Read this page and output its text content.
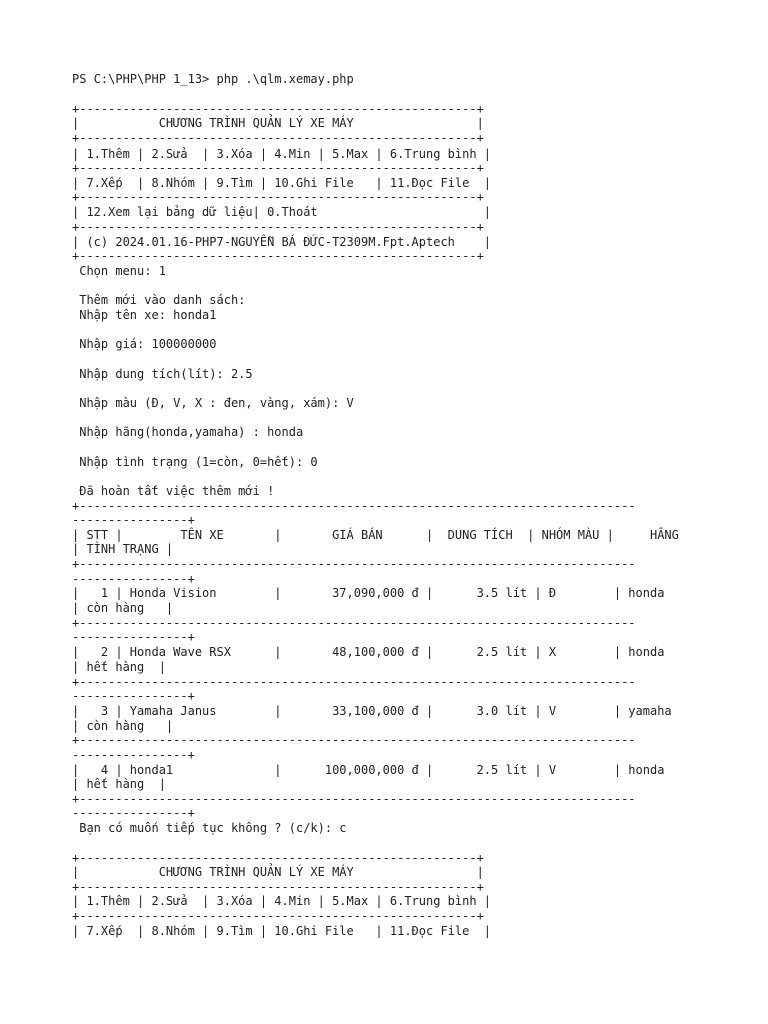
PS C:\PHP\PHP 1_13> php .\qlm.xemay.php
+-------------------------------------------------------+
|           CHƯƠNG TRÌNH QUẢN LÝ XE MÁY                 |
+-------------------------------------------------------+
| 1.Thêm | 2.Sửa  | 3.Xóa | 4.Min | 5.Max | 6.Trung bình |
+-------------------------------------------------------+
| 7.Xếp  | 8.Nhóm | 9.Tìm | 10.Ghi File   | 11.Đọc File  |
+-------------------------------------------------------+
| 12.Xem lại bảng dữ liệu| 0.Thoát                       |
+-------------------------------------------------------+
| (c) 2024.01.16-PHP7-NGUYỄN BÁ ĐỨC-T2309M.Fpt.Aptech    |
+-------------------------------------------------------+
Chọn menu: 1
Thêm mới vào danh sách:
Nhập tên xe: honda1
Nhập giá: 100000000
Nhập dung tích(lít): 2.5
Nhập màu (Đ, V, X : đen, vàng, xám): V
Nhập hãng(honda,yamaha) : honda
Nhập tình trạng (1=còn, 0=hết): 0
Đã hoàn tất việc thêm mới !
+-----------------------------------------------------------------------------
----------------+
| STT |        TÊN XE       |       GIÁ BÁN      |  DUNG TÍCH  | NHÓM MÀU |     HÃNG
| TÌNH TRẠNG |
+-----------------------------------------------------------------------------
----------------+
|   1 | Honda Vision        |       37,090,000 đ |      3.5 lít | Đ        | honda
| còn hàng   |
+-----------------------------------------------------------------------------
----------------+
|   2 | Honda Wave RSX      |       48,100,000 đ |      2.5 lít | X        | honda
| hết hàng  |
+-----------------------------------------------------------------------------
----------------+
|   3 | Yamaha Janus        |       33,100,000 đ |      3.0 lít | V        | yamaha
| còn hàng   |
+-----------------------------------------------------------------------------
----------------+
|   4 | honda1              |      100,000,000 đ |      2.5 lít | V        | honda
| hết hàng  |
+-----------------------------------------------------------------------------
----------------+
Bạn có muốn tiếp tục không ? (c/k): c
+-------------------------------------------------------+
|           CHƯƠNG TRÌNH QUẢN LÝ XE MÁY                 |
+-------------------------------------------------------+
| 1.Thêm | 2.Sửa  | 3.Xóa | 4.Min | 5.Max | 6.Trung bình |
+-------------------------------------------------------+
| 7.Xếp  | 8.Nhóm | 9.Tìm | 10.Ghi File   | 11.Đọc File  |
